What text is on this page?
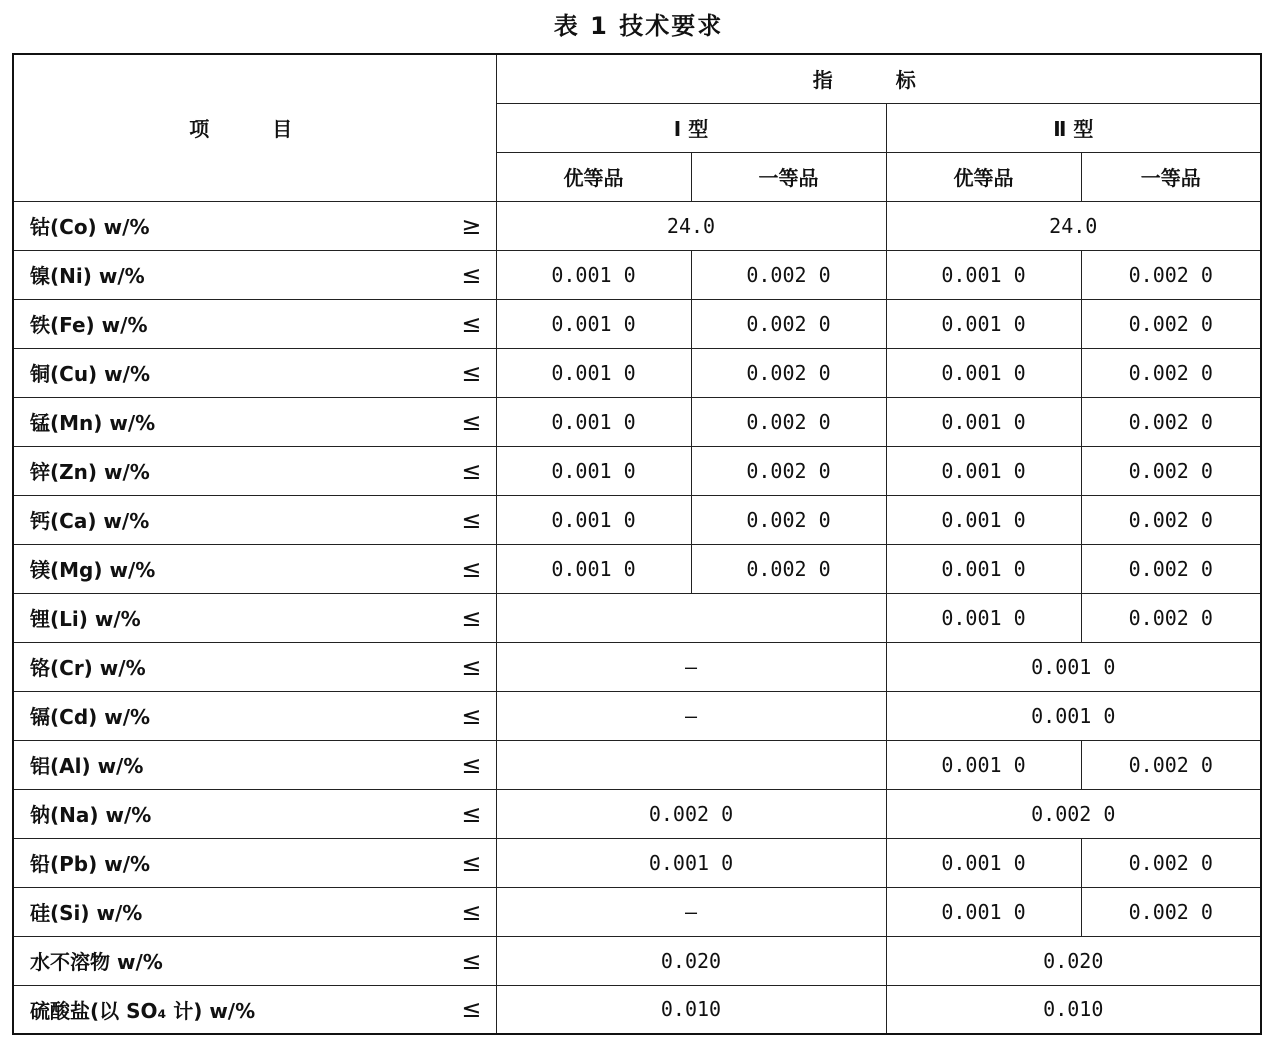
表 1 技术要求
项 目	指 标			
	Ⅰ 型		Ⅱ 型	
	优等品	一等品	优等品	一等品
钴(Co) w/% ≥	24.0		24.0	
镍(Ni) w/% ≤	0.001 0	0.002 0	0.001 0	0.002 0
铁(Fe) w/% ≤	0.001 0	0.002 0	0.001 0	0.002 0
铜(Cu) w/% ≤	0.001 0	0.002 0	0.001 0	0.002 0
锰(Mn) w/% ≤	0.001 0	0.002 0	0.001 0	0.002 0
锌(Zn) w/% ≤	0.001 0	0.002 0	0.001 0	0.002 0
钙(Ca) w/% ≤	0.001 0	0.002 0	0.001 0	0.002 0
镁(Mg) w/% ≤	0.001 0	0.002 0	0.001 0	0.002 0
锂(Li) w/% ≤			0.001 0	0.002 0
铬(Cr) w/% ≤	—		0.001 0	
镉(Cd) w/% ≤	—		0.001 0	
铝(Al) w/% ≤			0.001 0	0.002 0
钠(Na) w/% ≤	0.002 0		0.002 0	
铅(Pb) w/% ≤	0.001 0		0.001 0	0.002 0
硅(Si) w/% ≤	—		0.001 0	0.002 0
水不溶物 w/% ≤	0.020		0.020	
硫酸盐(以 SO₄ 计) w/% ≤	0.010		0.010	
